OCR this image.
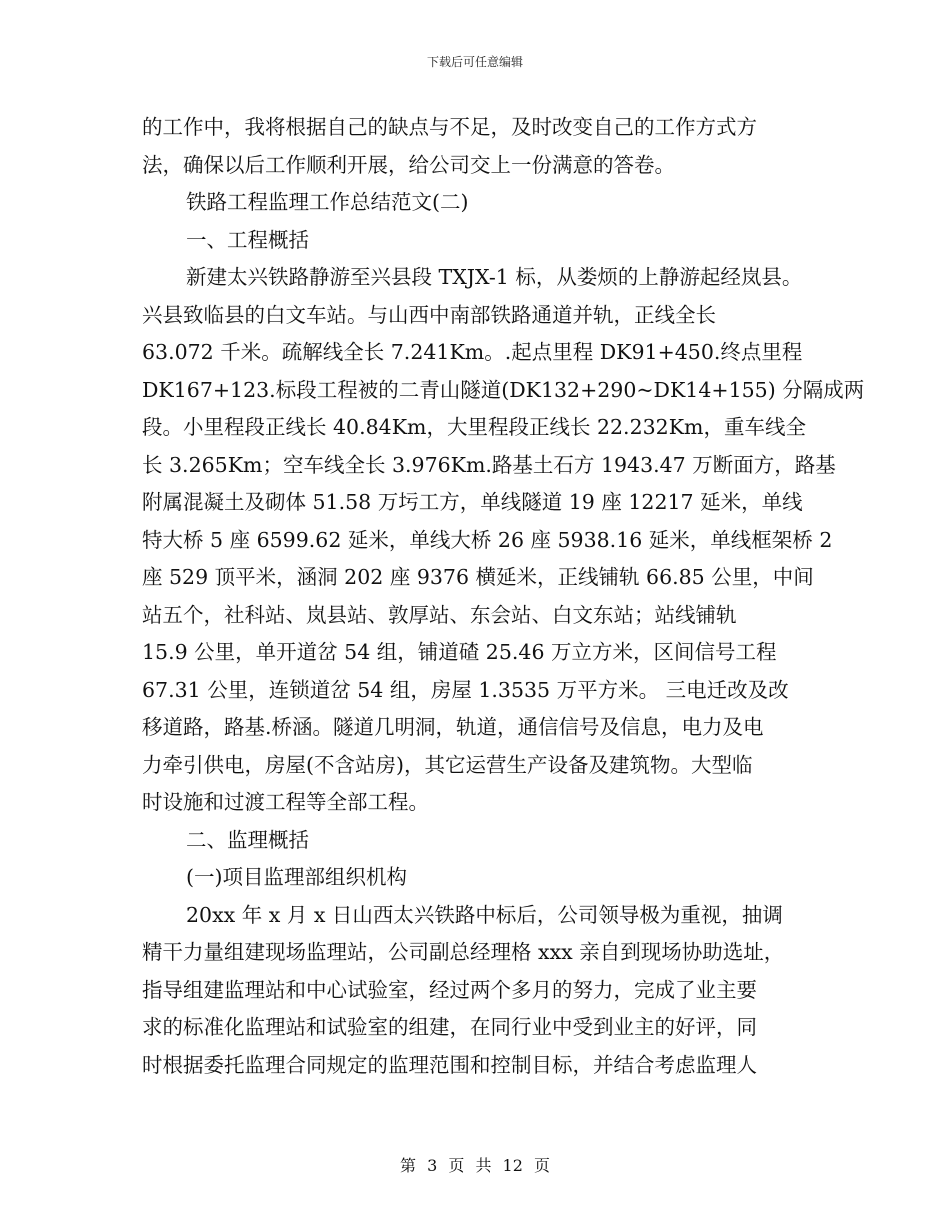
下载后可任意编辑
的工作中，我将根据自己的缺点与不足，及时改变自己的工作方式方
法，确保以后工作顺利开展，给公司交上一份满意的答卷。
铁路工程监理工作总结范文(二)
一、工程概括
新建太兴铁路静游至兴县段 TXJX-1 标，从娄烦的上静游起经岚县。
兴县致临县的白文车站。与山西中南部铁路通道并轨，正线全长
63.072 千米。疏解线全长 7.241Km。.起点里程 DK91+450.终点里程
DK167+123.标段工程被的二青山隧道(DK132+290~DK14+155) 分隔成两
段。小里程段正线长 40.84Km，大里程段正线长 22.232Km，重车线全
长 3.265Km；空车线全长 3.976Km.路基土石方 1943.47 万断面方，路基
附属混凝土及砌体 51.58 万圬工方，单线隧道 19 座 12217 延米，单线
特大桥 5 座 6599.62 延米，单线大桥 26 座 5938.16 延米，单线框架桥 2
座 529 顶平米，涵洞 202 座 9376 横延米，正线铺轨 66.85 公里，中间
站五个，社科站、岚县站、敦厚站、东会站、白文东站；站线铺轨
15.9 公里，单开道岔 54 组，铺道碴 25.46 万立方米，区间信号工程
67.31 公里，连锁道岔 54 组，房屋 1.3535 万平方米。 三电迁改及改
移道路，路基.桥涵。隧道几明洞，轨道，通信信号及信息，电力及电
力牵引供电，房屋(不含站房)，其它运营生产设备及建筑物。大型临
时设施和过渡工程等全部工程。
二、监理概括
(一)项目监理部组织机构
20xx 年 x 月 x 日山西太兴铁路中标后，公司领导极为重视，抽调
精干力量组建现场监理站，公司副总经理格 xxx 亲自到现场协助选址，
指导组建监理站和中心试验室，经过两个多月的努力，完成了业主要
求的标准化监理站和试验室的组建，在同行业中受到业主的好评，同
时根据委托监理合同规定的监理范围和控制目标，并结合考虑监理人
第 3 页 共 12 页
